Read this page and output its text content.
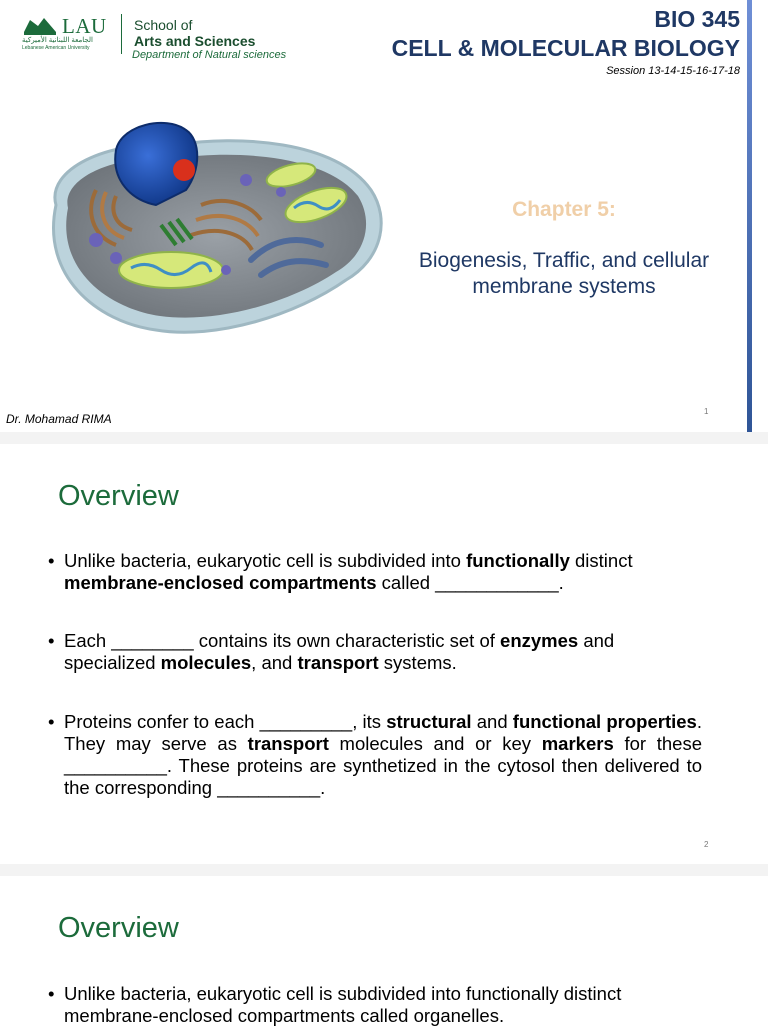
LAU
الجامعة اللبنانية الأميركية
Lebanese American University
School of
Arts and Sciences
Department of Natural sciences
BIO 345
CELL & MOLECULAR BIOLOGY
Session 13-14-15-16-17-18
Chapter 5:
Biogenesis, Traffic, and cellular
membrane systems
Dr. Mohamad RIMA
1
Overview
• Unlike bacteria, eukaryotic cell is subdivided into functionally distinct membrane-enclosed compartments called ____________.
• Each ________ contains its own characteristic set of enzymes and specialized molecules, and transport systems.
• Proteins confer to each _________, its structural and functional properties. They may serve as transport molecules and or key markers for these __________. These proteins are synthetized in the cytosol then delivered to the corresponding __________.
2
Overview
• Unlike bacteria, eukaryotic cell is subdivided into functionally distinct
membrane-enclosed compartments called organelles.
